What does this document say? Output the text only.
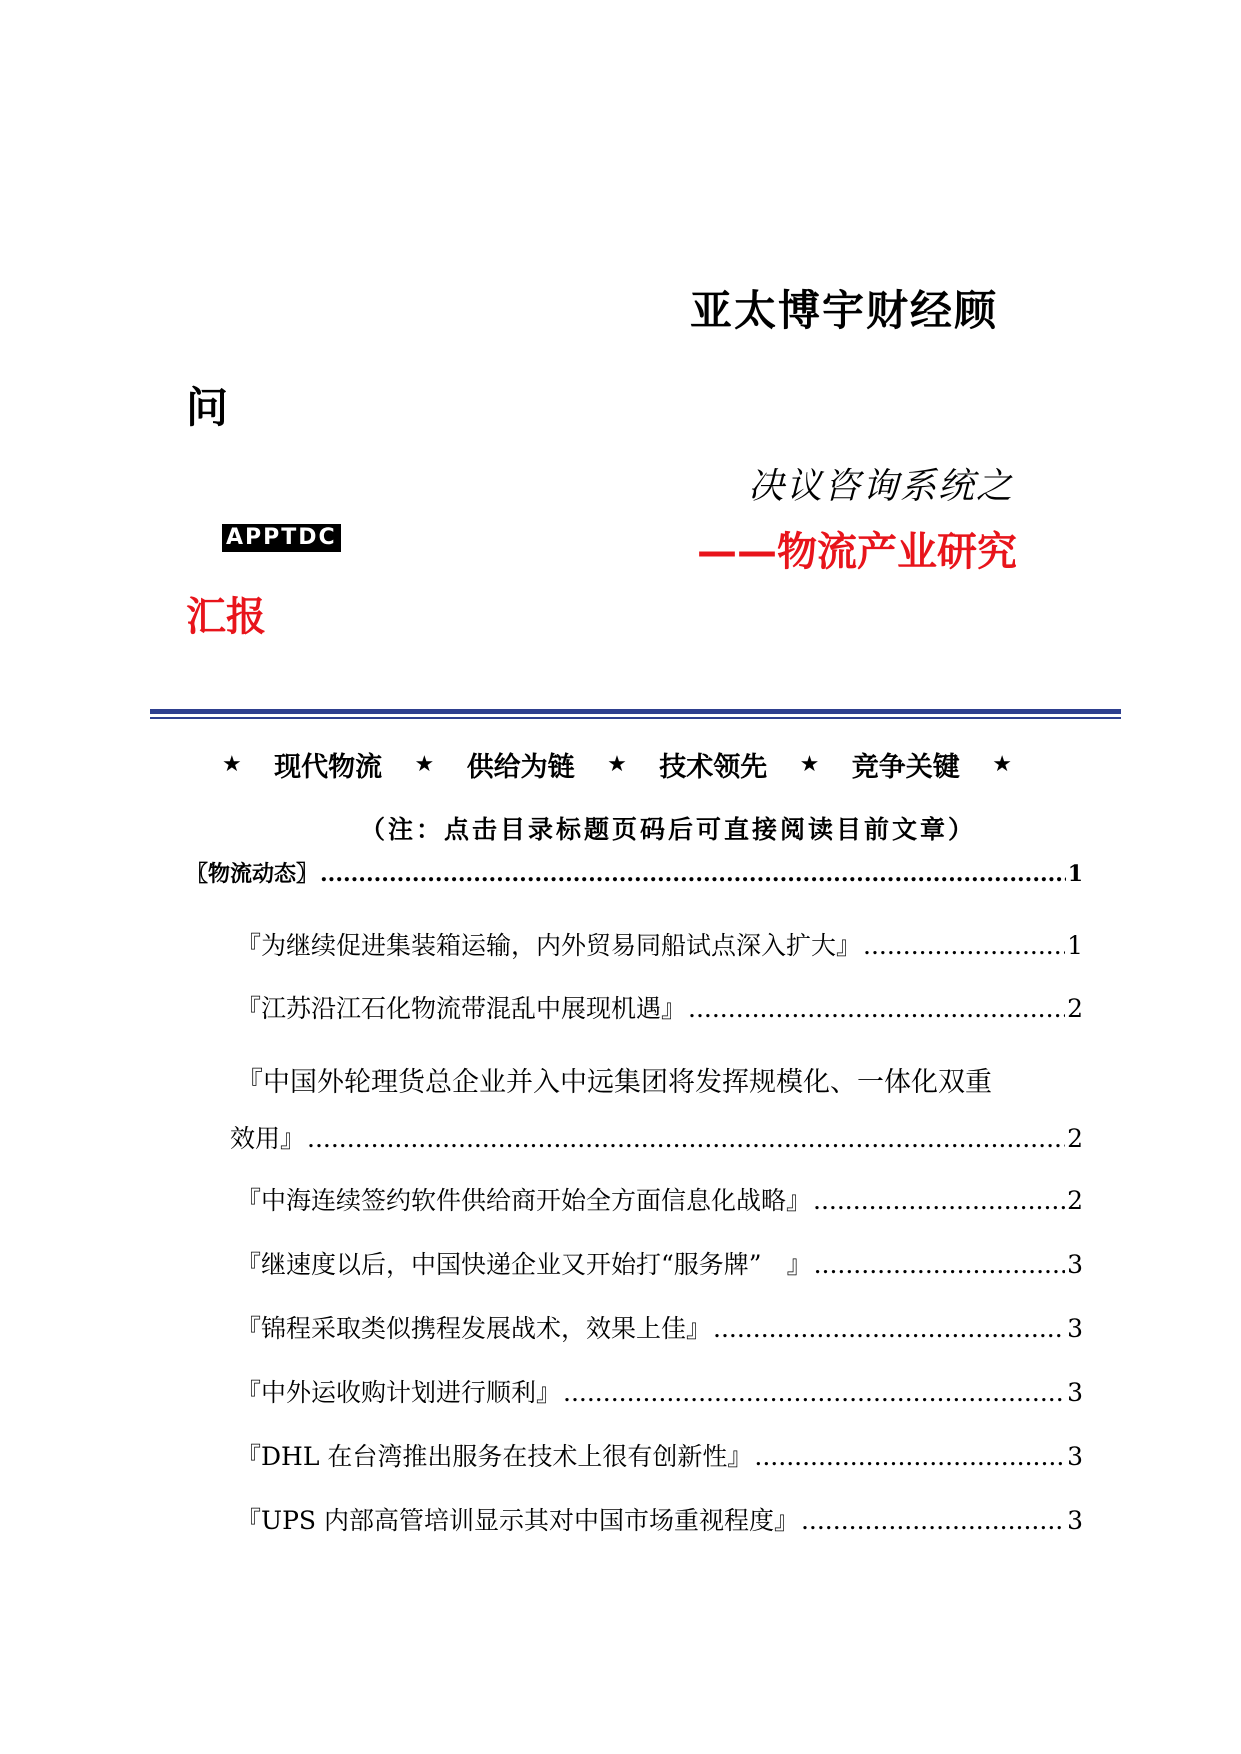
亚太博宇财经顾
问
决议咨询系统之
APPTDC	——物流产业研究
汇报
★ 现代物流 ★ 供给为链 ★ 技术领先 ★ 竞争关键 ★
（注：点击目录标题页码后可直接阅读目前文章）
〖物流动态〗 .....	1
『为继续促进集装箱运输，内外贸易同船试点深入扩大』 .....	1
『江苏沿江石化物流带混乱中展现机遇』 .....	2
『中国外轮理货总企业并入中远集团将发挥规模化、一体化双重
效用』 .....	2
『中海连续签约软件供给商开始全方面信息化战略』 .....	2
『继速度以后，中国快递企业又开始打“服务牌”　』 .....	3
『锦程采取类似携程发展战术，效果上佳』 .....	3
『中外运收购计划进行顺利』 .....	3
『DHL 在台湾推出服务在技术上很有创新性』 .....	3
『UPS 内部高管培训显示其对中国市场重视程度』 .....	3
